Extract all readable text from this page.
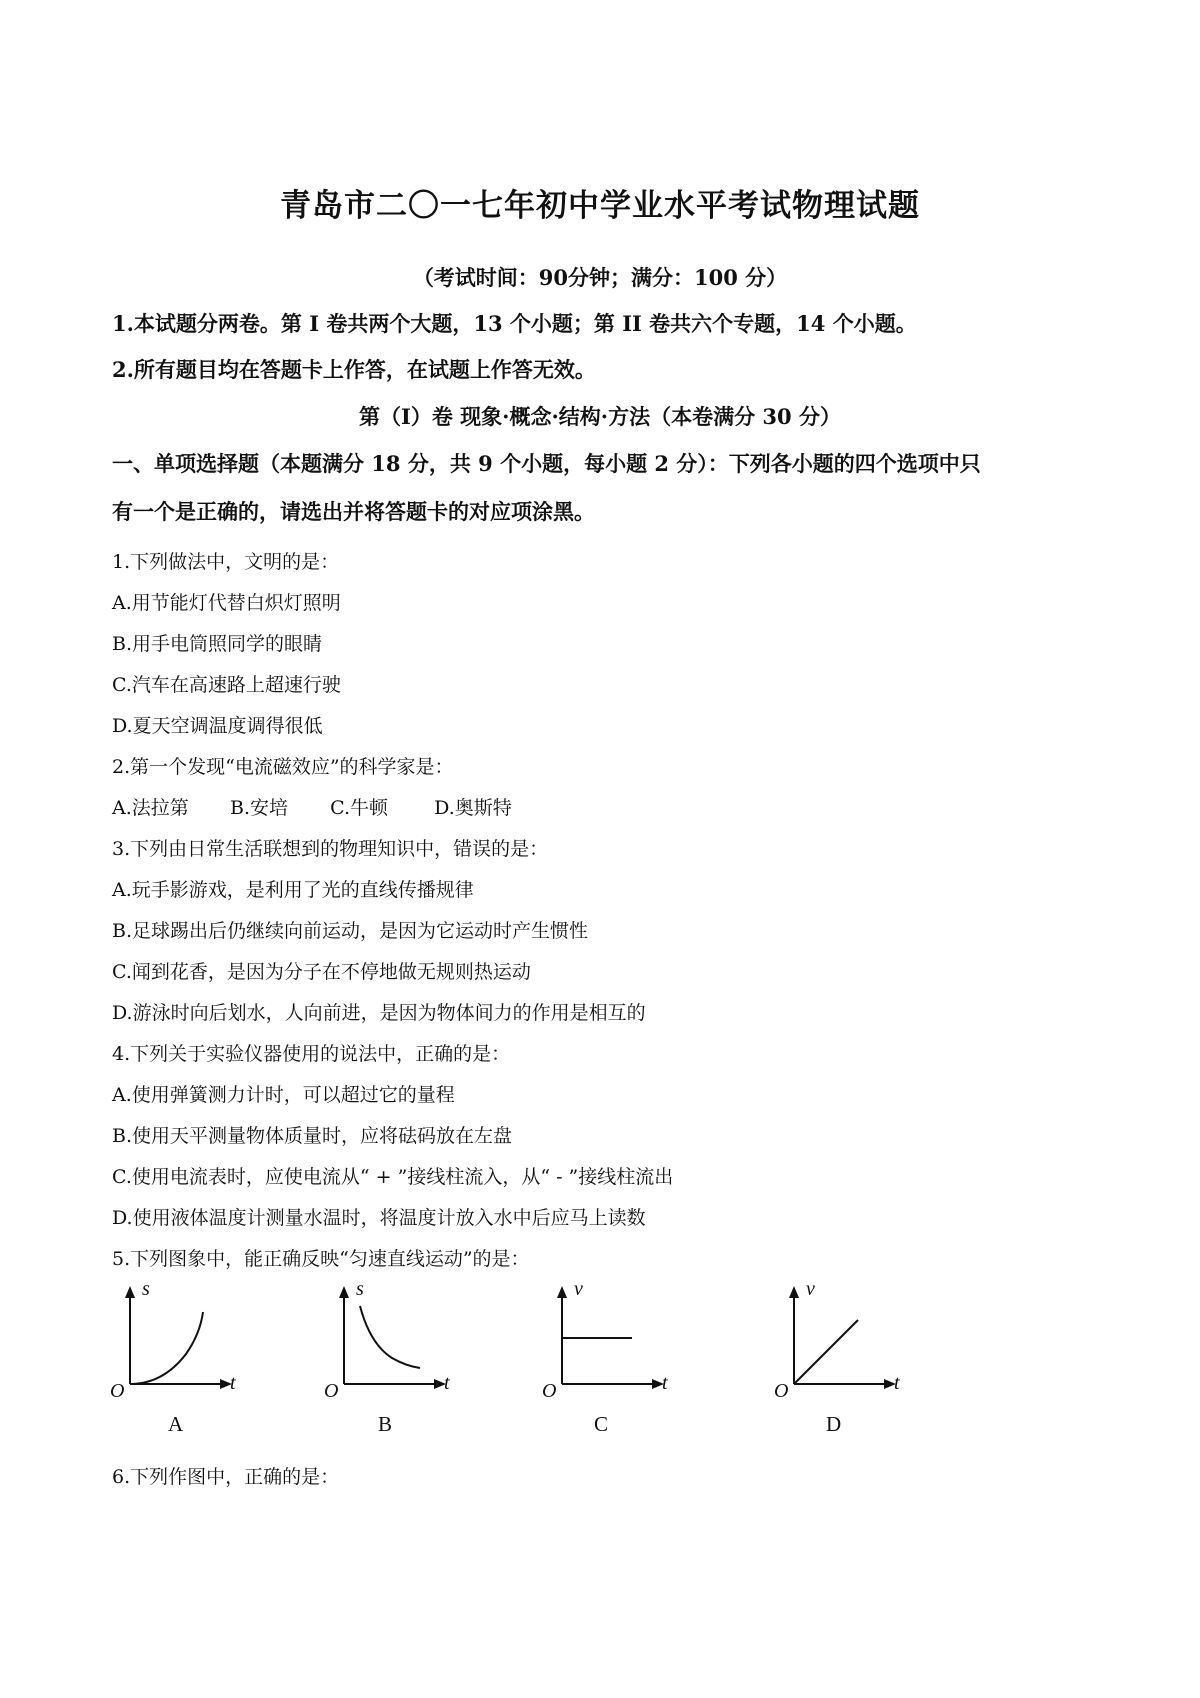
青岛市二〇一七年初中学业水平考试物理试题
（考试时间：90分钟；满分：100 分）
1.本试题分两卷。第 I 卷共两个大题，13 个小题；第 II 卷共六个专题，14 个小题。
2.所有题目均在答题卡上作答，在试题上作答无效。
第（I）卷 现象·概念·结构·方法（本卷满分 30 分）
一、单项选择题（本题满分 18 分，共 9 个小题，每小题 2 分）：下列各小题的四个选项中只
有一个是正确的，请选出并将答题卡的对应项涂黑。
1.下列做法中，文明的是：
A.用节能灯代替白炽灯照明
B.用手电筒照同学的眼睛
C.汽车在高速路上超速行驶
D.夏天空调温度调得很低
2.第一个发现“电流磁效应”的科学家是：
A.法拉第 B.安培 C.牛顿 D.奥斯特
3.下列由日常生活联想到的物理知识中，错误的是：
A.玩手影游戏，是利用了光的直线传播规律
B.足球踢出后仍继续向前运动，是因为它运动时产生惯性
C.闻到花香，是因为分子在不停地做无规则热运动
D.游泳时向后划水，人向前进，是因为物体间力的作用是相互的
4.下列关于实验仪器使用的说法中，正确的是：
A.使用弹簧测力计时，可以超过它的量程
B.使用天平测量物体质量时，应将砝码放在左盘
C.使用电流表时，应使电流从“ + ”接线柱流入，从“ - ”接线柱流出
D.使用液体温度计测量水温时，将温度计放入水中后应马上读数
5.下列图象中，能正确反映“匀速直线运动”的是：
s
t
O
A
s
t
O
B
v
t
O
C
v
t
O
D
6.下列作图中，正确的是：
